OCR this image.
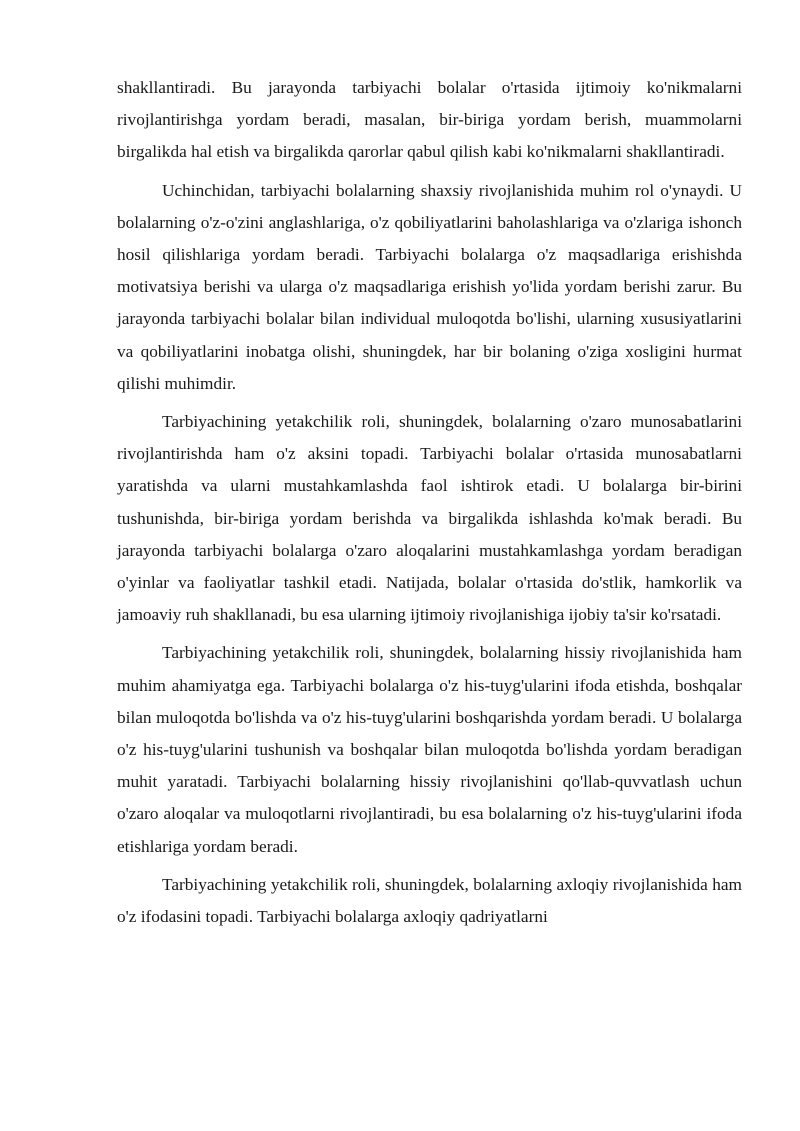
shakllantiradi. Bu jarayonda tarbiyachi bolalar o'rtasida ijtimoiy ko'nikmalarni rivojlantirishga yordam beradi, masalan, bir-biriga yordam berish, muammolarni birgalikda hal etish va birgalikda qarorlar qabul qilish kabi ko'nikmalarni shakllantiradi.

Uchinchidan, tarbiyachi bolalarning shaxsiy rivojlanishida muhim rol o'ynaydi. U bolalarning o'z-o'zini anglashlariga, o'z qobiliyatlarini baholashlariga va o'zlariga ishonch hosil qilishlariga yordam beradi. Tarbiyachi bolalarga o'z maqsadlariga erishishda motivatsiya berishi va ularga o'z maqsadlariga erishish yo'lida yordam berishi zarur. Bu jarayonda tarbiyachi bolalar bilan individual muloqotda bo'lishi, ularning xususiyatlarini va qobiliyatlarini inobatga olishi, shuningdek, har bir bolaning o'ziga xosligini hurmat qilishi muhimdir.

Tarbiyachining yetakchilik roli, shuningdek, bolalarning o'zaro munosabatlarini rivojlantirishda ham o'z aksini topadi. Tarbiyachi bolalar o'rtasida munosabatlarni yaratishda va ularni mustahkamlashda faol ishtirok etadi. U bolalarga bir-birini tushunishda, bir-biriga yordam berishda va birgalikda ishlashda ko'mak beradi. Bu jarayonda tarbiyachi bolalarga o'zaro aloqalarini mustahkamlashga yordam beradigan o'yinlar va faoliyatlar tashkil etadi. Natijada, bolalar o'rtasida do'stlik, hamkorlik va jamoaviy ruh shakllanadi, bu esa ularning ijtimoiy rivojlanishiga ijobiy ta'sir ko'rsatadi.

Tarbiyachining yetakchilik roli, shuningdek, bolalarning hissiy rivojlanishida ham muhim ahamiyatga ega. Tarbiyachi bolalarga o'z his-tuyg'ularini ifoda etishda, boshqalar bilan muloqotda bo'lishda va o'z his-tuyg'ularini boshqarishda yordam beradi. U bolalarga o'z his-tuyg'ularini tushunish va boshqalar bilan muloqotda bo'lishda yordam beradigan muhit yaratadi. Tarbiyachi bolalarning hissiy rivojlanishini qo'llab-quvvatlash uchun o'zaro aloqalar va muloqotlarni rivojlantiradi, bu esa bolalarning o'z his-tuyg'ularini ifoda etishlariga yordam beradi.

Tarbiyachining yetakchilik roli, shuningdek, bolalarning axloqiy rivojlanishida ham o'z ifodasini topadi. Tarbiyachi bolalarga axloqiy qadriyatlarni
